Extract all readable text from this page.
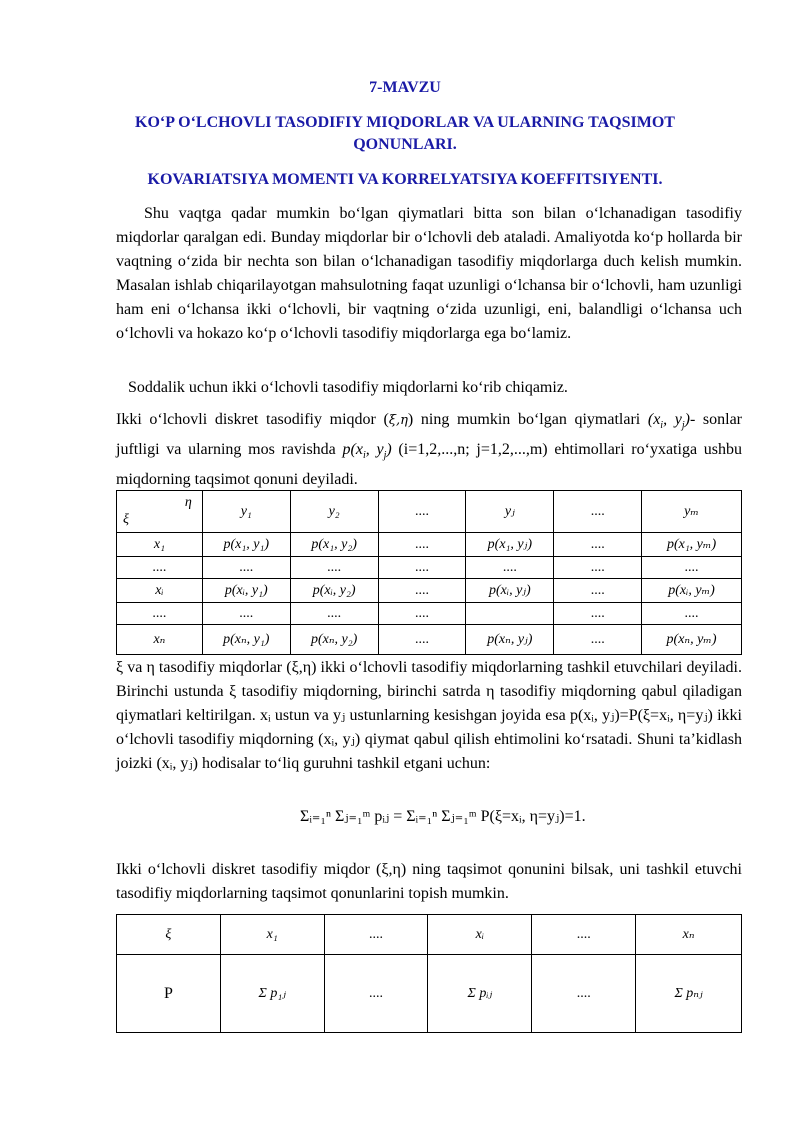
7-MAVZU
KOʻP OʻLCHOVLI TASODIFIY MIQDORLAR VA ULARNING TAQSIMOT QONUNLARI.
KOVARIATSIYA MOMENTI VA KORRELYATSIYA KOEFFITSIYENTI.
Shu vaqtga qadar mumkin boʻlgan qiymatlari bitta son bilan oʻlchanadigan tasodifiy miqdorlar qaralgan edi. Bunday miqdorlar bir oʻlchovli deb ataladi. Amaliyotda koʻp hollarda bir vaqtning oʻzida bir nechta son bilan oʻlchanadigan tasodifiy miqdorlarga duch kelish mumkin. Masalan ishlab chiqarilayotgan mahsulotning faqat uzunligi oʻlchansa bir oʻlchovli, ham uzunligi ham eni oʻlchansa ikki oʻlchovli, bir vaqtning oʻzida uzunligi, eni, balandligi oʻlchansa uch oʻlchovli va hokazo koʻp oʻlchovli tasodifiy miqdorlarga ega boʻlamiz.
Soddalik uchun ikki oʻlchovli tasodifiy miqdorlarni koʻrib chiqamiz.
Ikki oʻlchovli diskret tasodifiy miqdor (ξ,η) ning mumkin boʻlgan qiymatlari ($x_i$, $y_j)-$ sonlar juftligi va ularning mos ravishda $p(x_i$, $y_j$) (i=1,2,...,n; j=1,2,...,m) ehtimollari roʻyxatiga ushbu miqdorning taqsimot qonuni deyiladi.
η
ξ	y₁	y₂	....	yⱼ	....	yₘ
x₁	p(x₁, y₁)	p(x₁, y₂)	....	p(x₁, yⱼ)	....	p(x₁, yₘ)
....	....	....	....	....	....	....
xᵢ	p(xᵢ, y₁)	p(xᵢ, y₂)	....	p(xᵢ, yⱼ)	....	p(xᵢ, yₘ)
....	....	....	....		....	....
xₙ	p(xₙ, y₁)	p(xₙ, y₂)	....	p(xₙ, yⱼ)	....	p(xₙ, yₘ)
ξ va η tasodifiy miqdorlar (ξ,η) ikki oʻlchovli tasodifiy miqdorlarning tashkil etuvchilari deyiladi. Birinchi ustunda ξ tasodifiy miqdorning, birinchi satrda η tasodifiy miqdorning qabul qiladigan qiymatlari keltirilgan. xᵢ ustun va yⱼ ustunlarning kesishgan joyida esa p(xᵢ, yⱼ)=P(ξ=xᵢ, η=yⱼ) ikki oʻlchovli tasodifiy miqdorning (xᵢ, yⱼ) qiymat qabul qilish ehtimolini koʻrsatadi. Shuni ta’kidlash joizki (xᵢ, yⱼ) hodisalar toʻliq guruhni tashkil etgani uchun:
Σᵢ₌₁ⁿ Σⱼ₌₁ᵐ pᵢⱼ = Σᵢ₌₁ⁿ Σⱼ₌₁ᵐ P(ξ=xᵢ, η=yⱼ)=1.
Ikki oʻlchovli diskret tasodifiy miqdor (ξ,η) ning taqsimot qonunini bilsak, uni tashkil etuvchi tasodifiy miqdorlarning taqsimot qonunlarini topish mumkin.
ξ	x₁	....	xᵢ	....	xₙ
P	Σ p₁ⱼ	....	Σ pᵢⱼ	....	Σ pₙⱼ
